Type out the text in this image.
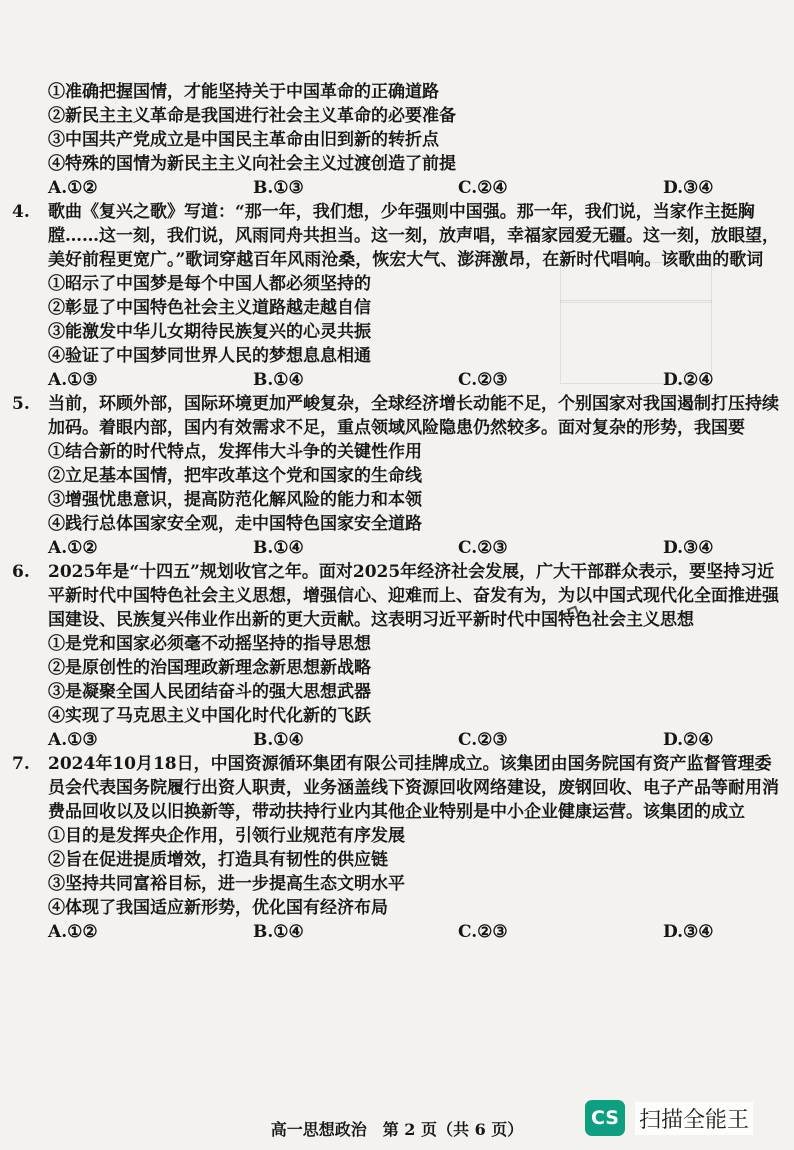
①准确把握国情，才能坚持关于中国革命的正确道路
②新民主主义革命是我国进行社会主义革命的必要准备
③中国共产党成立是中国民主革命由旧到新的转折点
④特殊的国情为新民主主义向社会主义过渡创造了前提
A.①②	B.①③	C.②④	D.③④
4. 歌曲《复兴之歌》写道：“那一年，我们想，少年强则中国强。那一年，我们说，当家作主挺胸膛……这一刻，我们说，风雨同舟共担当。这一刻，放声唱，幸福家园爱无疆。这一刻，放眼望，美好前程更宽广。”歌词穿越百年风雨沧桑，恢宏大气、澎湃激昂，在新时代唱响。该歌曲的歌词
①昭示了中国梦是每个中国人都必须坚持的
②彰显了中国特色社会主义道路越走越自信
③能激发中华儿女期待民族复兴的心灵共振
④验证了中国梦同世界人民的梦想息息相通
A.①③	B.①④	C.②③	D.②④
5. 当前，环顾外部，国际环境更加严峻复杂，全球经济增长动能不足，个别国家对我国遏制打压持续加码。着眼内部，国内有效需求不足，重点领域风险隐患仍然较多。面对复杂的形势，我国要
①结合新的时代特点，发挥伟大斗争的关键性作用
②立足基本国情，把牢改革这个党和国家的生命线
③增强忧患意识，提高防范化解风险的能力和本领
④践行总体国家安全观，走中国特色国家安全道路
A.①②	B.①④	C.②③	D.③④
6. 2025年是“十四五”规划收官之年。面对2025年经济社会发展，广大干部群众表示，要坚持习近平新时代中国特色社会主义思想，增强信心、迎难而上、奋发有为，为以中国式现代化全面推进强国建设、民族复兴伟业作出新的更大贡献。这表明习近平新时代中国特色社会主义思想
①是党和国家必须毫不动摇坚持的指导思想
②是原创性的治国理政新理念新思想新战略
③是凝聚全国人民团结奋斗的强大思想武器
④实现了马克思主义中国化时代化新的飞跃
A.①③	B.①④	C.②③	D.②④
7. 2024年10月18日，中国资源循环集团有限公司挂牌成立。该集团由国务院国有资产监督管理委员会代表国务院履行出资人职责，业务涵盖线下资源回收网络建设，废钢回收、电子产品等耐用消费品回收以及以旧换新等，带动扶持行业内其他企业特别是中小企业健康运营。该集团的成立
①目的是发挥央企作用，引领行业规范有序发展
②旨在促进提质增效，打造具有韧性的供应链
③坚持共同富裕目标，进一步提高生态文明水平
④体现了我国适应新形势，优化国有经济布局
A.①②	B.①④	C.②③	D.③④
高一思想政治　第 2 页（共 6 页）
CS 扫描全能王
